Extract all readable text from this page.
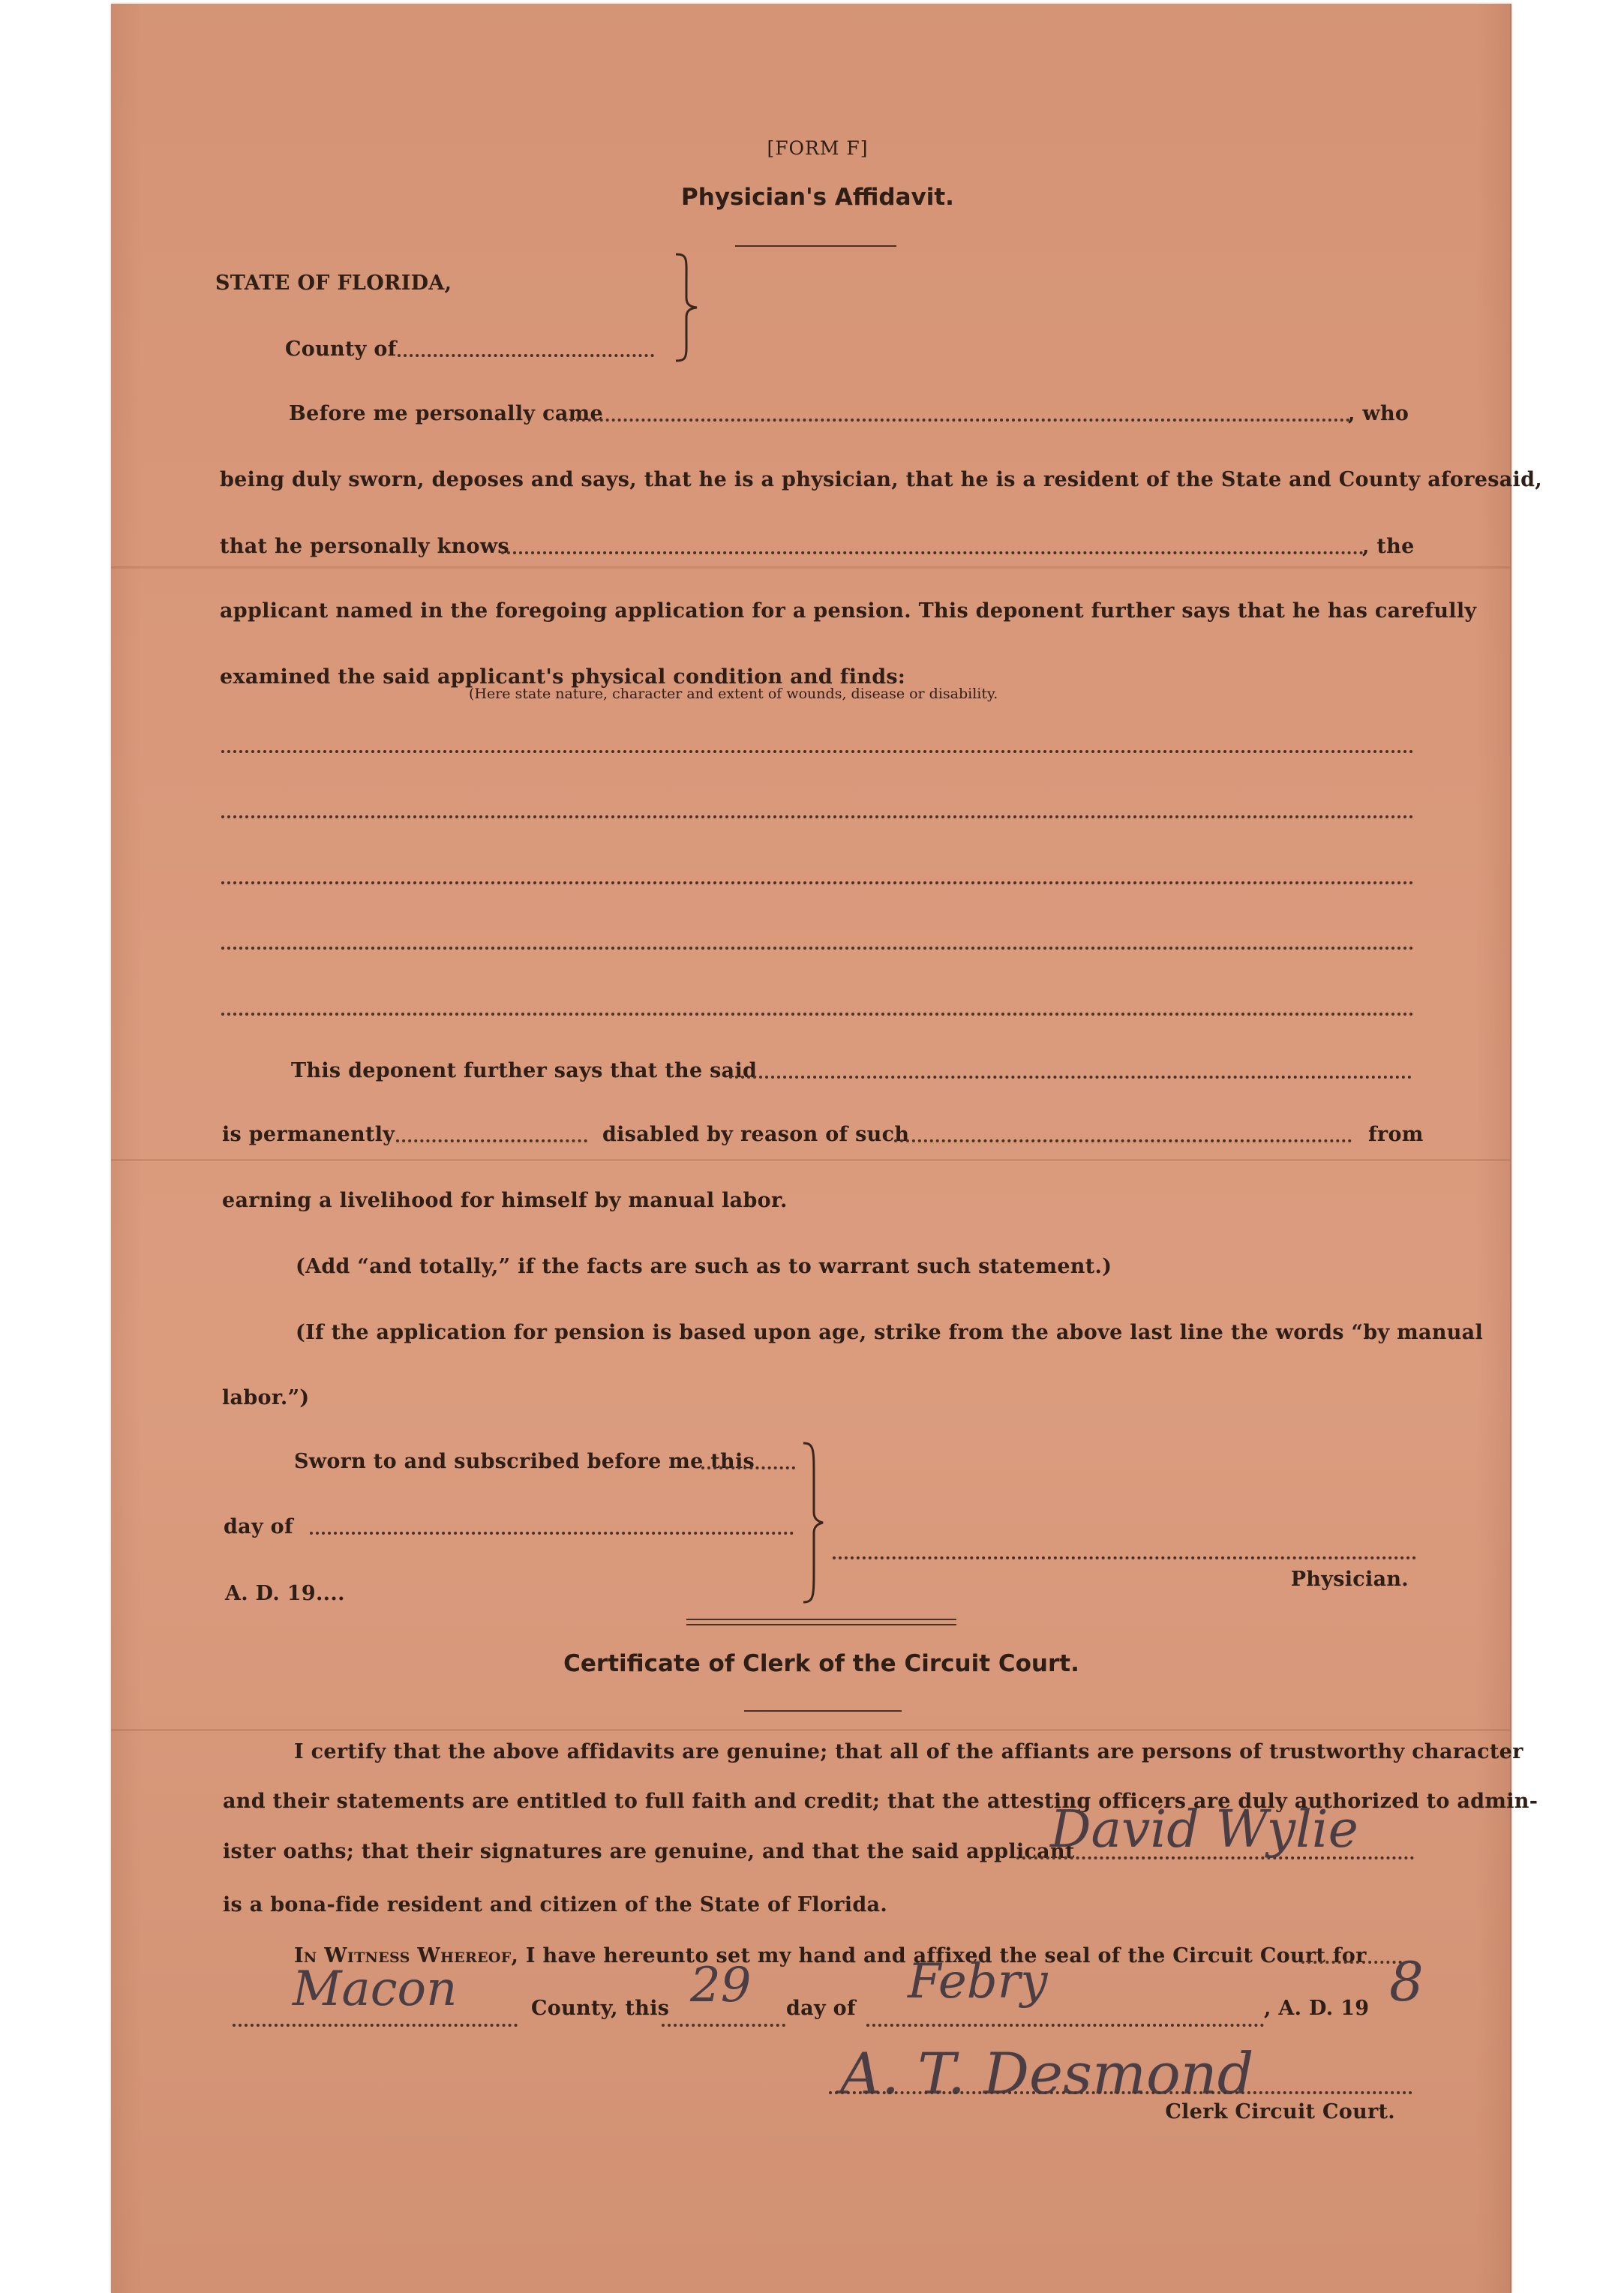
[FORM F]
Physician's Affidavit.
STATE OF FLORIDA,
County of
Before me personally came	, who
being duly sworn, deposes and says, that he is a physician, that he is a resident of the State and County aforesaid,
that he personally knows	, the
applicant named in the foregoing application for a pension. This deponent further says that he has carefully
examined the said applicant's physical condition and finds:
(Here state nature, character and extent of wounds, disease or disability.
This deponent further says that the said
is permanently	disabled by reason of such	from
earning a livelihood for himself by manual labor.
(Add “and totally,” if the facts are such as to warrant such statement.)
(If the application for pension is based upon age, strike from the above last line the words “by manual
labor.”)
Sworn to and subscribed before me this
day of
A. D. 19....
Physician.
Certificate of Clerk of the Circuit Court.
I certify that the above affidavits are genuine; that all of the affiants are persons of trustworthy character
and their statements are entitled to full faith and credit; that the attesting officers are duly authorized to admin-
ister oaths; that their signatures are genuine, and that the said applicant
David Wylie
is a bona-fide resident and citizen of the State of Florida.
In Witness Whereof, I have hereunto set my hand and affixed the seal of the Circuit Court for
Macon	County, this 29 day of Febry	, A. D. 19 8
A. T. Desmond
Clerk Circuit Court.
